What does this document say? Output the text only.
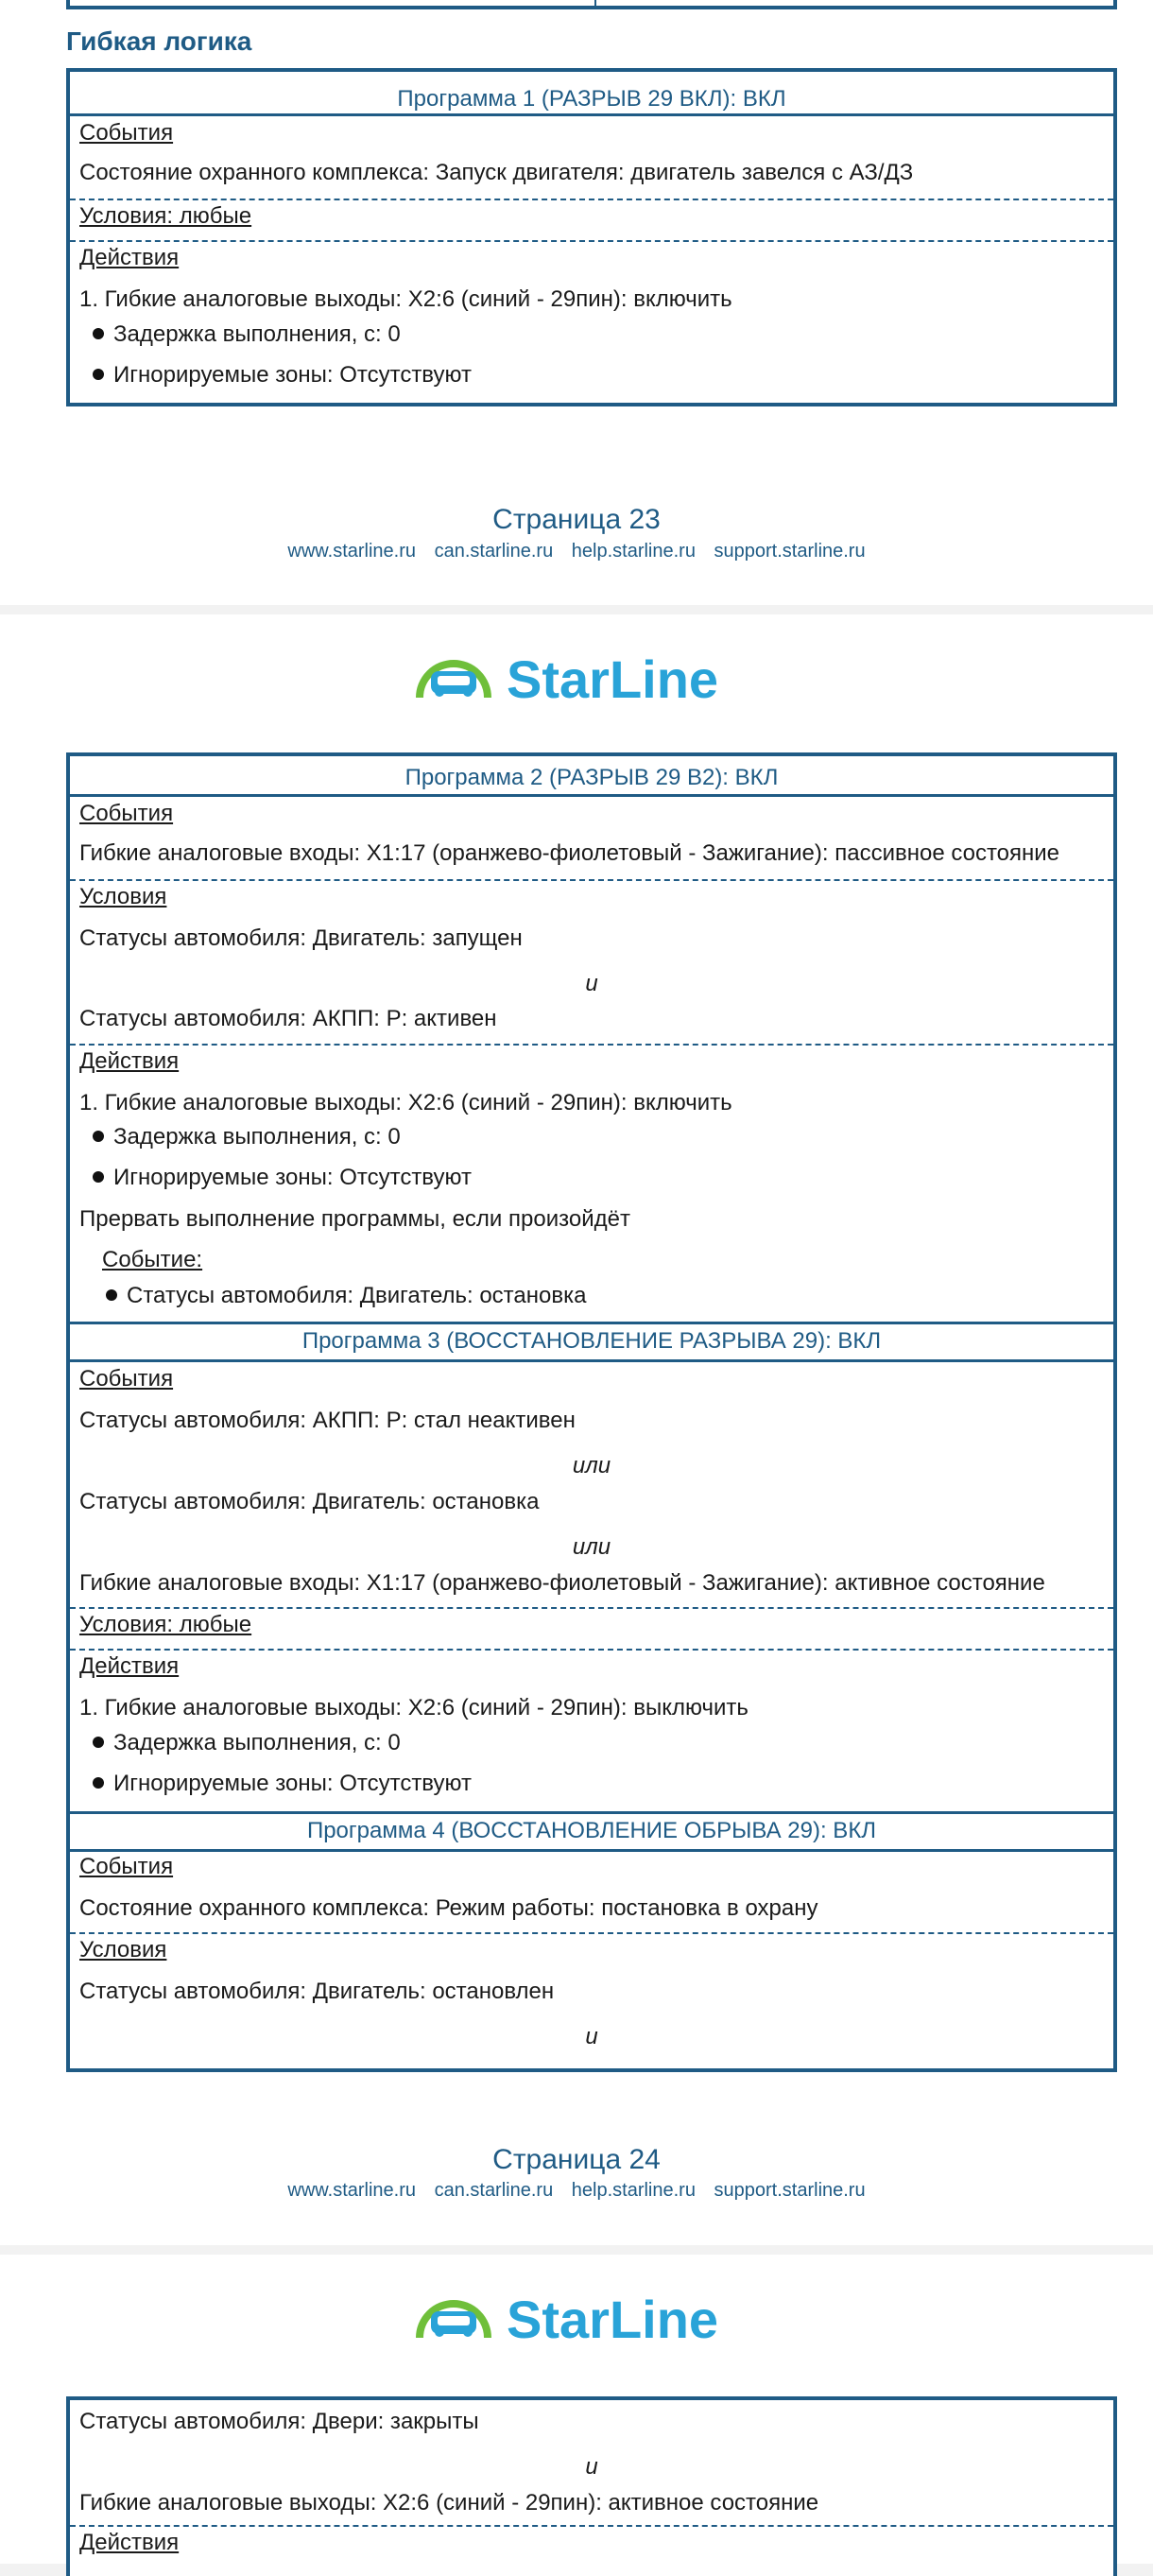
Гибкая логика
Программа 1 (РАЗРЫВ 29 ВКЛ): ВКЛ
События
Состояние охранного комплекса: Запуск двигателя: двигатель завелся с АЗ/ДЗ
Условия: любые
Действия
1. Гибкие аналоговые выходы: X2:6 (синий - 29пин): включить
Задержка выполнения, с: 0
Игнорируемые зоны: Отсутствуют
Страница 23
www.starline.ru can.starline.ru help.starline.ru support.starline.ru
StarLine
Программа 2 (РАЗРЫВ 29 В2): ВКЛ
События
Гибкие аналоговые входы: X1:17 (оранжево-фиолетовый - Зажигание): пассивное состояние
Условия
Статусы автомобиля: Двигатель: запущен
и
Статусы автомобиля: АКПП: P: активен
Действия
1. Гибкие аналоговые выходы: X2:6 (синий - 29пин): включить
Задержка выполнения, с: 0
Игнорируемые зоны: Отсутствуют
Прервать выполнение программы, если произойдёт
Событие:
Статусы автомобиля: Двигатель: остановка
Программа 3 (ВОССТАНОВЛЕНИЕ РАЗРЫВА 29): ВКЛ
События
Статусы автомобиля: АКПП: P: стал неактивен
или
Статусы автомобиля: Двигатель: остановка
или
Гибкие аналоговые входы: X1:17 (оранжево-фиолетовый - Зажигание): активное состояние
Условия: любые
Действия
1. Гибкие аналоговые выходы: X2:6 (синий - 29пин): выключить
Задержка выполнения, с: 0
Игнорируемые зоны: Отсутствуют
Программа 4 (ВОССТАНОВЛЕНИЕ ОБРЫВА 29): ВКЛ
События
Состояние охранного комплекса: Режим работы: постановка в охрану
Условия
Статусы автомобиля: Двигатель: остановлен
и
Страница 24
www.starline.ru can.starline.ru help.starline.ru support.starline.ru
StarLine
Статусы автомобиля: Двери: закрыты
и
Гибкие аналоговые выходы: X2:6 (синий - 29пин): активное состояние
Действия
